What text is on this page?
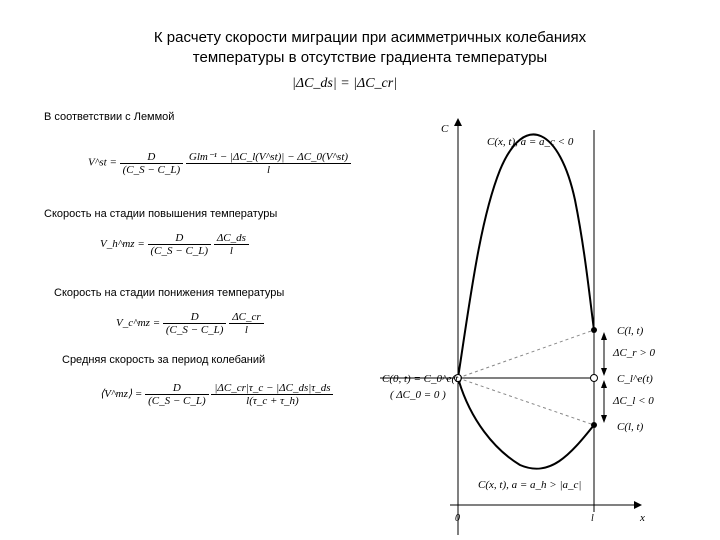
К расчету скорости миграции при асимметричных колебаниях
температуры в отсутствие градиента температуры
|ΔC_ds| = |ΔC_cr|
В соответствии с Леммой
V^st = $\frac{D}{(C\_S - C\_L)}$
$\frac{\text{Glm⁻¹ − |ΔC\_l(V\textasciicircum{}st)| − ΔC\_0(V\textasciicircum{}st)}}{l}$
Скорость на стадии повышения температуры
V_h^mz = $\frac{D}{(C\_S - C\_L)}$
$\frac{\Delta C\_ds}{l}$
Скорость на стадии понижения температуры
V_c^mz = $\frac{D}{(C\_S - C\_L)}$
$\frac{\Delta C\_cr}{l}$
Средняя скорость за период колебаний
⟨V^mz⟩ = $\frac{D}{(C\_S - C\_L)}$
$\frac{|\Delta C\_cr|\tau\_c - |\Delta C\_ds|\tau\_ds}{l(\tau\_c + \tau\_h)}$
C
x
0	l
C(x, t), a = a_c < 0
C(x, t), a = a_h > |a_c|
C(0, t) = C_0^e(t)
( ΔC_0 = 0 )
C(l, t)
ΔC_r > 0
C_l^e(t)
ΔC_l < 0
C(l, t)
